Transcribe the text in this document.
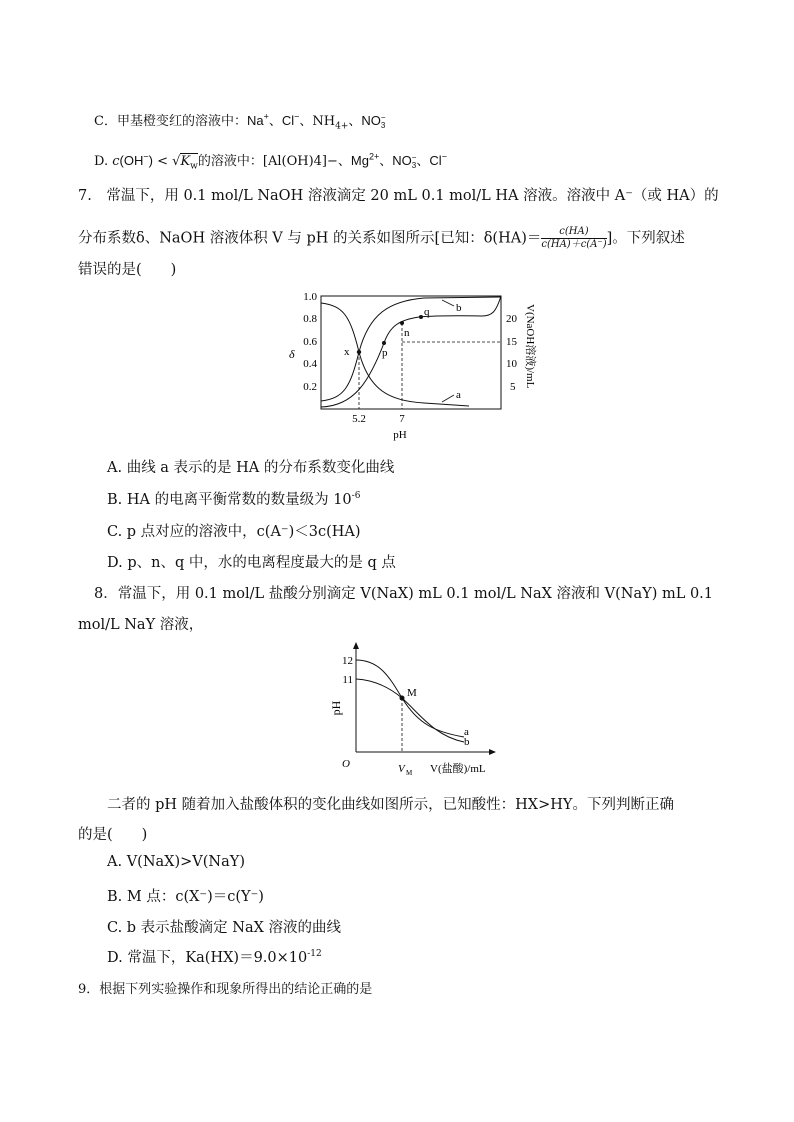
C．甲基橙变红的溶液中：Na+、Cl−、$NH_{4+}$、NO −
3
D. $c(OH^-) < √K_w$的溶液中：[Al(OH)4]−、$Mg^{2+}$、NO −
3 、Cl−
7.　常温下，用 0.1 mol/L NaOH 溶液滴定 20 mL 0.1 mol/L HA 溶液。溶液中 A⁻（或 HA）的
分布系数δ、NaOH 溶液体积 V 与 pH 的关系如图所示[已知：$\delta(HA)= \frac{c(HA)}{c(HA)+c(A^-)}$ ]。下列叙述
错误的是(　　)
1.0
0.8
0.6
0.4
0.2
δ
20
15
10
5 V(NaOH溶液)/mL
x	p
n
q
a
b
5.2	7
pH
A. 曲线 a 表示的是 HA 的分布系数变化曲线
B. HA 的电离平衡常数的数量级为 $10^{-6}$
C. p 点对应的溶液中，c(A⁻)＜3c(HA)
D. p、n、q 中，水的电离程度最大的是 q 点
8．常温下，用 0.1 mol/L 盐酸分别滴定 V(NaX) mL 0.1 mol/L NaX 溶液和 V(NaY) mL 0.1
mol/L NaY 溶液，
12
11
pH
M
a
b
O	V M V(盐酸)/mL
二者的 pH 随着加入盐酸体积的变化曲线如图所示，已知酸性：HX>HY。下列判断正确
的是(　　)
A. V(NaX)>V(NaY)
B. M 点：c(X⁻)＝c(Y⁻)
C. b 表示盐酸滴定 NaX 溶液的曲线
D. 常温下，$Ka(HX)=9.0\times 10^{-12}$
9．根据下列实验操作和现象所得出的结论正确的是
